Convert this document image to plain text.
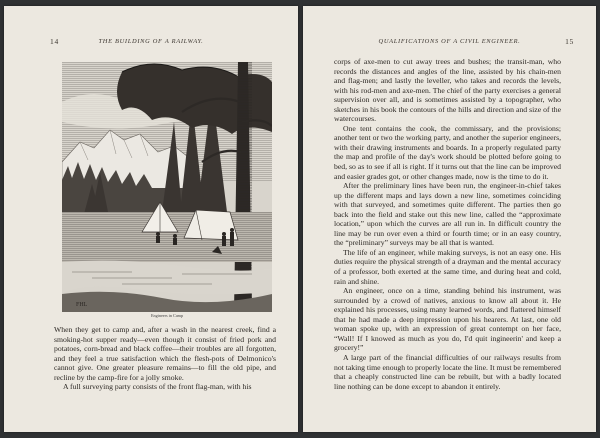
14	THE BUILDING OF A RAILWAY.
FHL
Engineers in Camp

When they get to camp and, after a wash in the nearest creek, find a smoking-hot supper ready—even though it consist of fried pork and potatoes, corn-bread and black coffee—their troubles are all forgotten, and they feel a true satisfaction which the flesh-pots of Delmonico's cannot give. One greater pleasure remains—to fill the old pipe, and recline by the camp-fire for a jolly smoke.

A full surveying party consists of the front flag-man, with his

QUALIFICATIONS OF A CIVIL ENGINEER.	15

corps of axe-men to cut away trees and bushes; the transit-man, who records the distances and angles of the line, assisted by his chain-men and flag-men; and lastly the leveller, who takes and records the levels, with his rod-men and axe-men. The chief of the party exercises a general supervision over all, and is sometimes assisted by a topographer, who sketches in his book the contours of the hills and direction and size of the watercourses.

One tent contains the cook, the commissary, and the provisions; another tent or two the working party, and another the superior engineers, with their drawing instruments and boards. In a properly regulated party the map and profile of the day's work should be plotted before going to bed, so as to see if all is right. If it turns out that the line can be improved and easier grades got, or other changes made, now is the time to do it.

After the preliminary lines have been run, the engineer-in-chief takes up the different maps and lays down a new line, sometimes coinciding with that surveyed, and sometimes quite different. The parties then go back into the field and stake out this new line, called the “approximate location,” upon which the curves are all run in. In difficult country the line may be run over even a third or fourth time; or in an easy country, the “preliminary” surveys may be all that is wanted.

The life of an engineer, while making surveys, is not an easy one. His duties require the physical strength of a drayman and the mental accuracy of a professor, both exerted at the same time, and during heat and cold, rain and shine.

An engineer, once on a time, standing behind his instrument, was surrounded by a crowd of natives, anxious to know all about it. He explained his processes, using many learned words, and flattered himself that he had made a deep impression upon his hearers. At last, one old woman spoke up, with an expression of great contempt on her face, “Wall! If I knowed as much as you do, I'd quit ingineerin' and keep a grocery!”

A large part of the financial difficulties of our railways results from not taking time enough to properly locate the line. It must be remembered that a cheaply constructed line can be rebuilt, but with a badly located line nothing can be done except to abandon it entirely.
